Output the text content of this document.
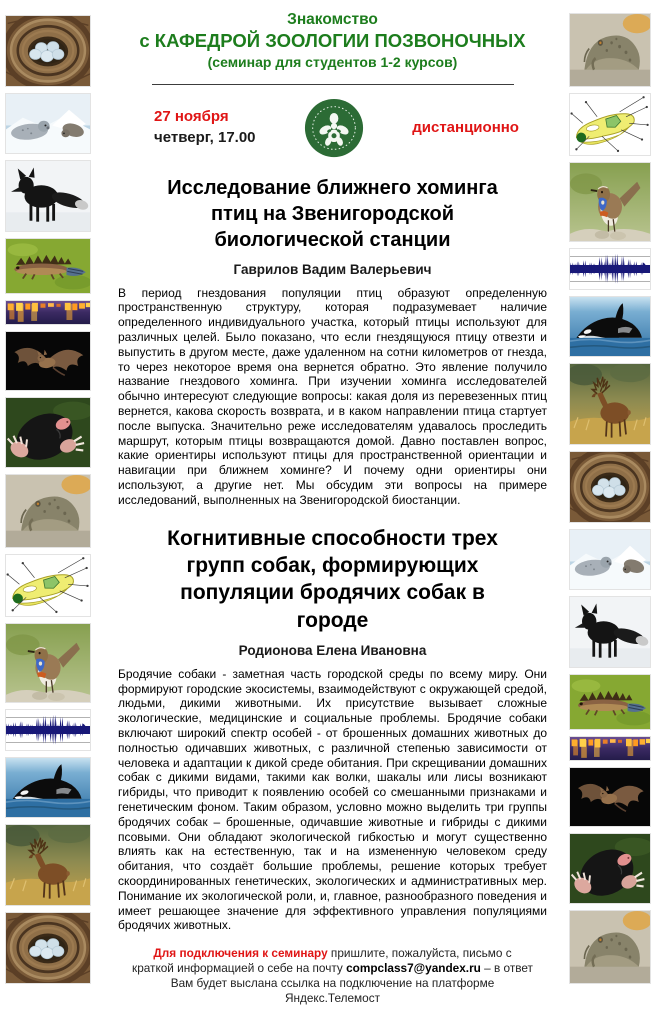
Знакомство
с КАФЕДРОЙ ЗООЛОГИИ ПОЗВОНОЧНЫХ
(семинар для студентов 1-2 курсов)
27 ноября
четверг, 17.00
дистанционно
Исследование ближнего хоминга птиц на Звенигородской биологической станции
Гаврилов Вадим Валерьевич
В период гнездования популяции птиц образуют определенную пространственную структуру, которая подразумевает наличие определенного индивидуального участка, который птицы используют для различных целей. Было показано, что если гнездящуюся птицу отвезти и выпустить в другом месте, даже удаленном на сотни километров от гнезда, то через некоторое время она вернется обратно. Это явление получило название гнездового хоминга. При изучении хоминга исследователей обычно интересуют следующие вопросы: какая доля из перевезенных птиц вернется, какова скорость возврата, и в каком направлении птица стартует после выпуска. Значительно реже исследователям удавалось проследить маршрут, которым птицы возвращаются домой. Давно поставлен вопрос, какие ориентиры используют птицы для пространственной ориентации и навигации при ближнем хоминге? И почему одни ориентиры они используют, а другие нет. Мы обсудим эти вопросы на примере исследований, выполненных на Звенигородской биостанции.
Когнитивные способности трех групп собак, формирующих популяции бродячих собак в городе
Родионова Елена Ивановна
Бродячие собаки - заметная часть городской среды по всему миру. Они формируют городские экосистемы, взаимодействуют с окружающей средой, людьми, дикими животными. Их присутствие вызывает сложные экологические, медицинские и социальные проблемы. Бродячие собаки включают широкий спектр особей - от брошенных домашних животных до полностью одичавших животных, с различной степенью зависимости от человека и адаптации к дикой среде обитания. При скрещивании домашних собак с дикими видами, такими как волки, шакалы или лисы возникают гибриды, что приводит к появлению особей со смешанными признаками и генетическим фоном. Таким образом, условно можно выделить три группы бродячих собак – брошенные, одичавшие животные и гибриды с дикими псовыми. Они обладают экологической гибкостью и могут существенно влиять как на естественную, так и на измененную человеком среду обитания, что создаёт большие проблемы, решение которых требует скоординированных генетических, экологических и административных мер. Понимание их экологической роли, и, главное, разнообразного поведения и имеет решающее значение для эффективного управления популяциями бродячих животных.
Для подключения к семинару пришлите, пожалуйста, письмо с краткой информацией о себе на почту compclass7@yandex.ru – в ответ Вам будет выслана ссылка на подключение на платформе Яндекс.Телемост
